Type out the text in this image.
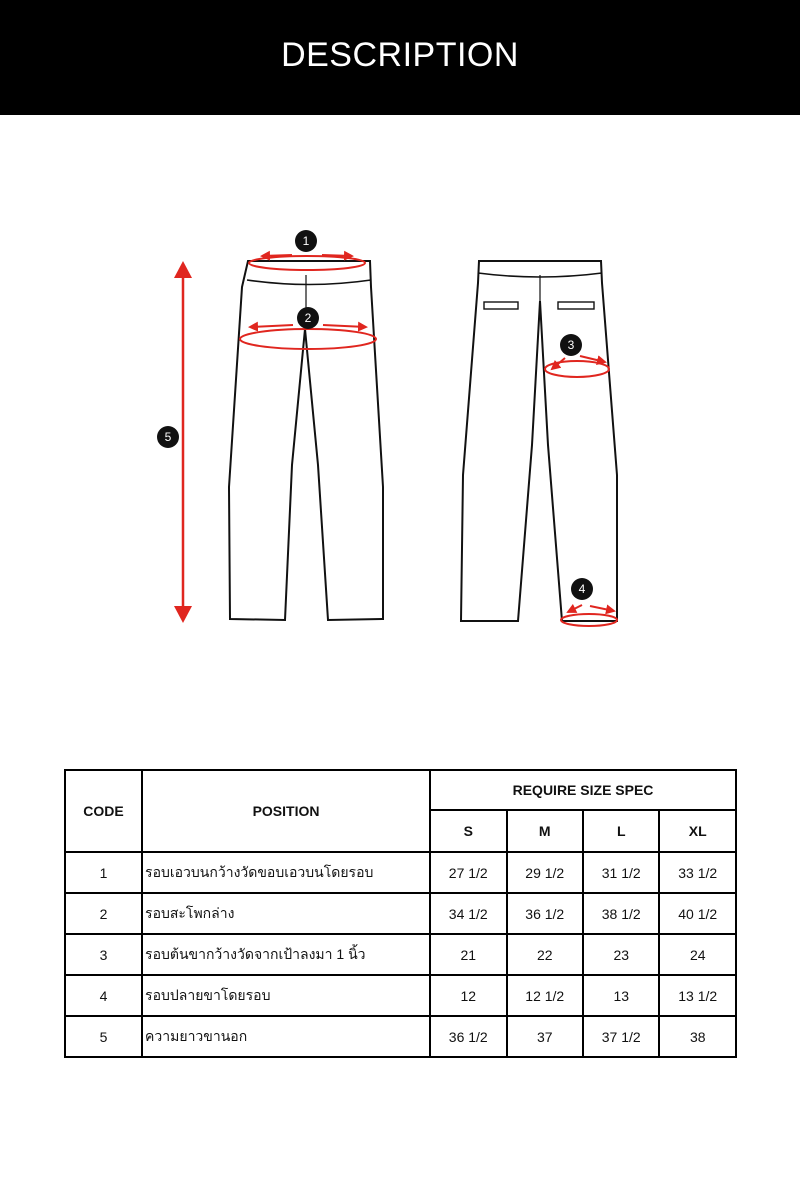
DESCRIPTION
1
2
3
4
5
CODE	POSITION	REQUIRE SIZE SPEC			
		S	M	L	XL
1	รอบเอวบนกว้างวัดขอบเอวบนโดยรอบ	27 1/2	29 1/2	31 1/2	33 1/2
2	รอบสะโพกล่าง	34 1/2	36 1/2	38 1/2	40 1/2
3	รอบต้นขากว้างวัดจากเป้าลงมา 1 นิ้ว	21	22	23	24
4	รอบปลายขาโดยรอบ	12	12 1/2	13	13 1/2
5	ความยาวขานอก	36 1/2	37	37 1/2	38
